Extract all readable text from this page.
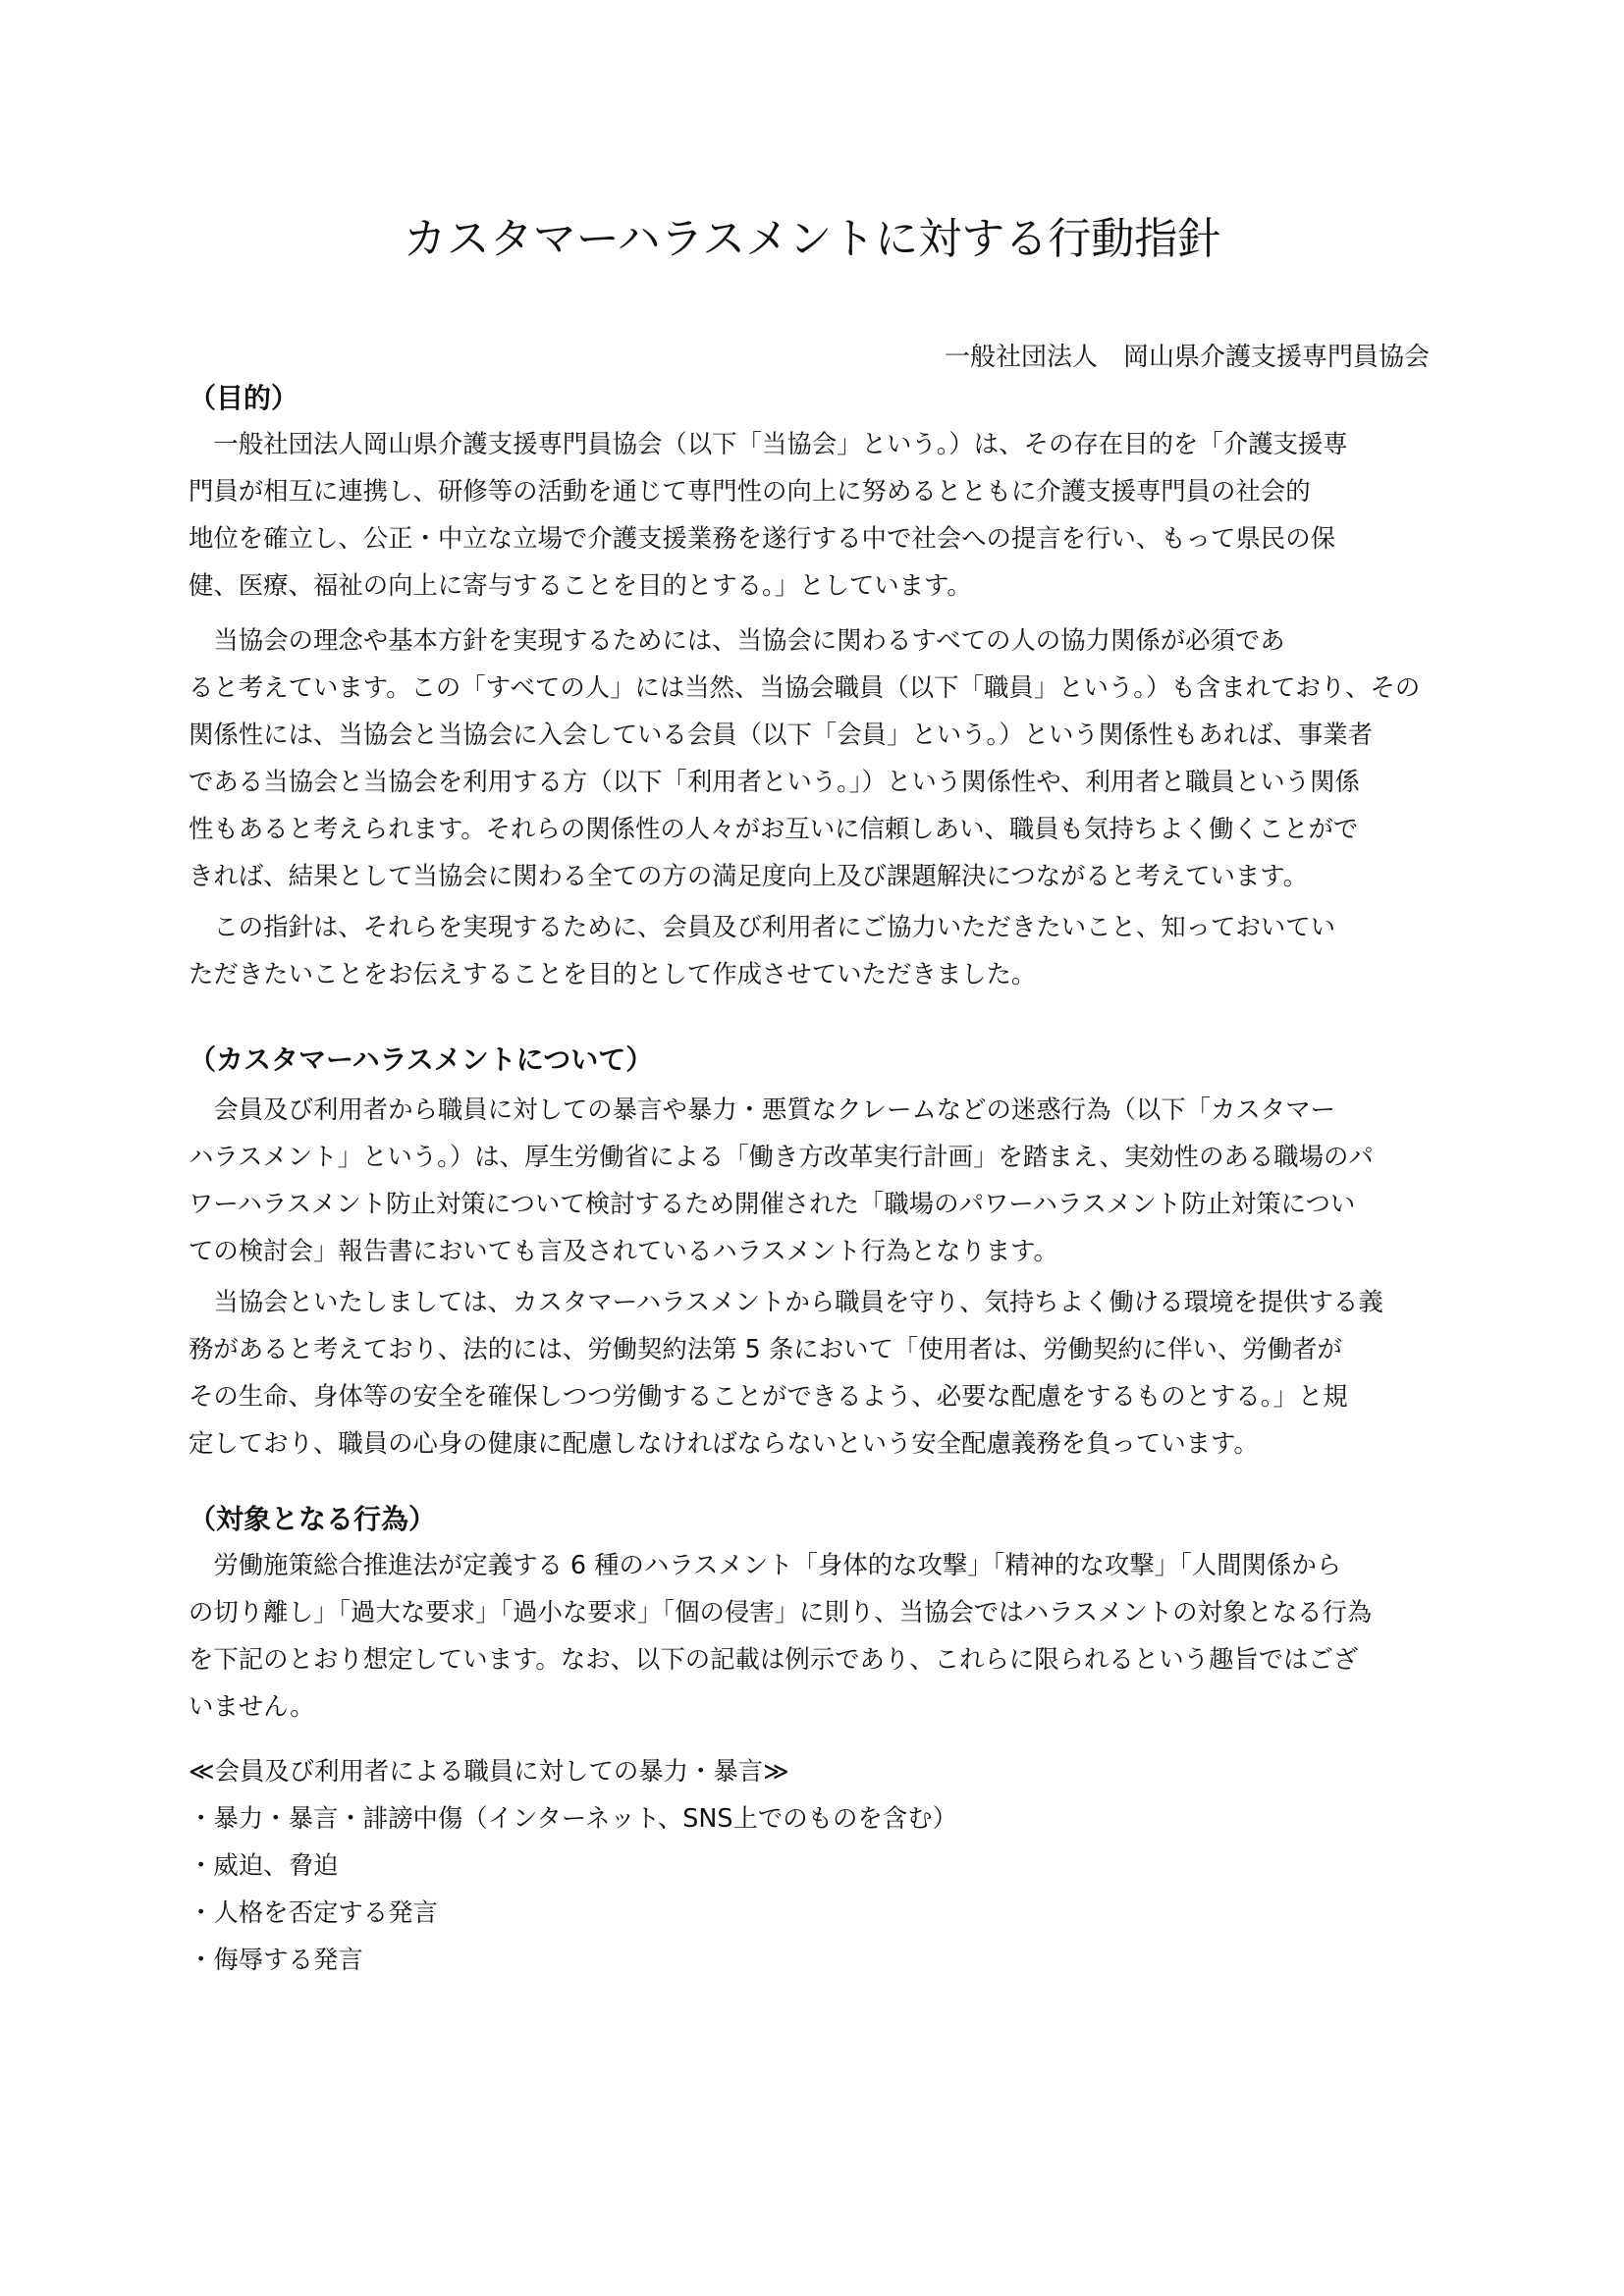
カスタマーハラスメントに対する行動指針
一般社団法人　岡山県介護支援専門員協会
（目的）
　一般社団法人岡山県介護支援専門員協会（以下「当協会」という。）は、その存在目的を「介護支援専
門員が相互に連携し、研修等の活動を通じて専門性の向上に努めるとともに介護支援専門員の社会的
地位を確立し、公正・中立な立場で介護支援業務を遂行する中で社会への提言を行い、もって県民の保
健、医療、福祉の向上に寄与することを目的とする。」としています。
　当協会の理念や基本方針を実現するためには、当協会に関わるすべての人の協力関係が必須であ
ると考えています。この「すべての人」には当然、当協会職員（以下「職員」という。）も含まれており、その
関係性には、当協会と当協会に入会している会員（以下「会員」という。）という関係性もあれば、事業者
である当協会と当協会を利用する方（以下「利用者という。」）という関係性や、利用者と職員という関係
性もあると考えられます。それらの関係性の人々がお互いに信頼しあい、職員も気持ちよく働くことがで
きれば、結果として当協会に関わる全ての方の満足度向上及び課題解決につながると考えています。
　この指針は、それらを実現するために、会員及び利用者にご協力いただきたいこと、知っておいてい
ただきたいことをお伝えすることを目的として作成させていただきました。
（カスタマーハラスメントについて）
　会員及び利用者から職員に対しての暴言や暴力・悪質なクレームなどの迷惑行為（以下「カスタマー
ハラスメント」という。）は、厚生労働省による「働き方改革実行計画」を踏まえ、実効性のある職場のパ
ワーハラスメント防止対策について検討するため開催された「職場のパワーハラスメント防止対策につい
ての検討会」報告書においても言及されているハラスメント行為となります。
　当協会といたしましては、カスタマーハラスメントから職員を守り、気持ちよく働ける環境を提供する義
務があると考えており、法的には、労働契約法第 5 条において「使用者は、労働契約に伴い、労働者が
その生命、身体等の安全を確保しつつ労働することができるよう、必要な配慮をするものとする。」と規
定しており、職員の心身の健康に配慮しなければならないという安全配慮義務を負っています。
（対象となる行為）
　労働施策総合推進法が定義する 6 種のハラスメント「身体的な攻撃」「精神的な攻撃」「人間関係から
の切り離し」「過大な要求」「過小な要求」「個の侵害」に則り、当協会ではハラスメントの対象となる行為
を下記のとおり想定しています。なお、以下の記載は例示であり、これらに限られるという趣旨ではござ
いません。
≪会員及び利用者による職員に対しての暴力・暴言≫
・暴力・暴言・誹謗中傷（インターネット、SNS上でのものを含む）
・威迫、脅迫
・人格を否定する発言
・侮辱する発言
